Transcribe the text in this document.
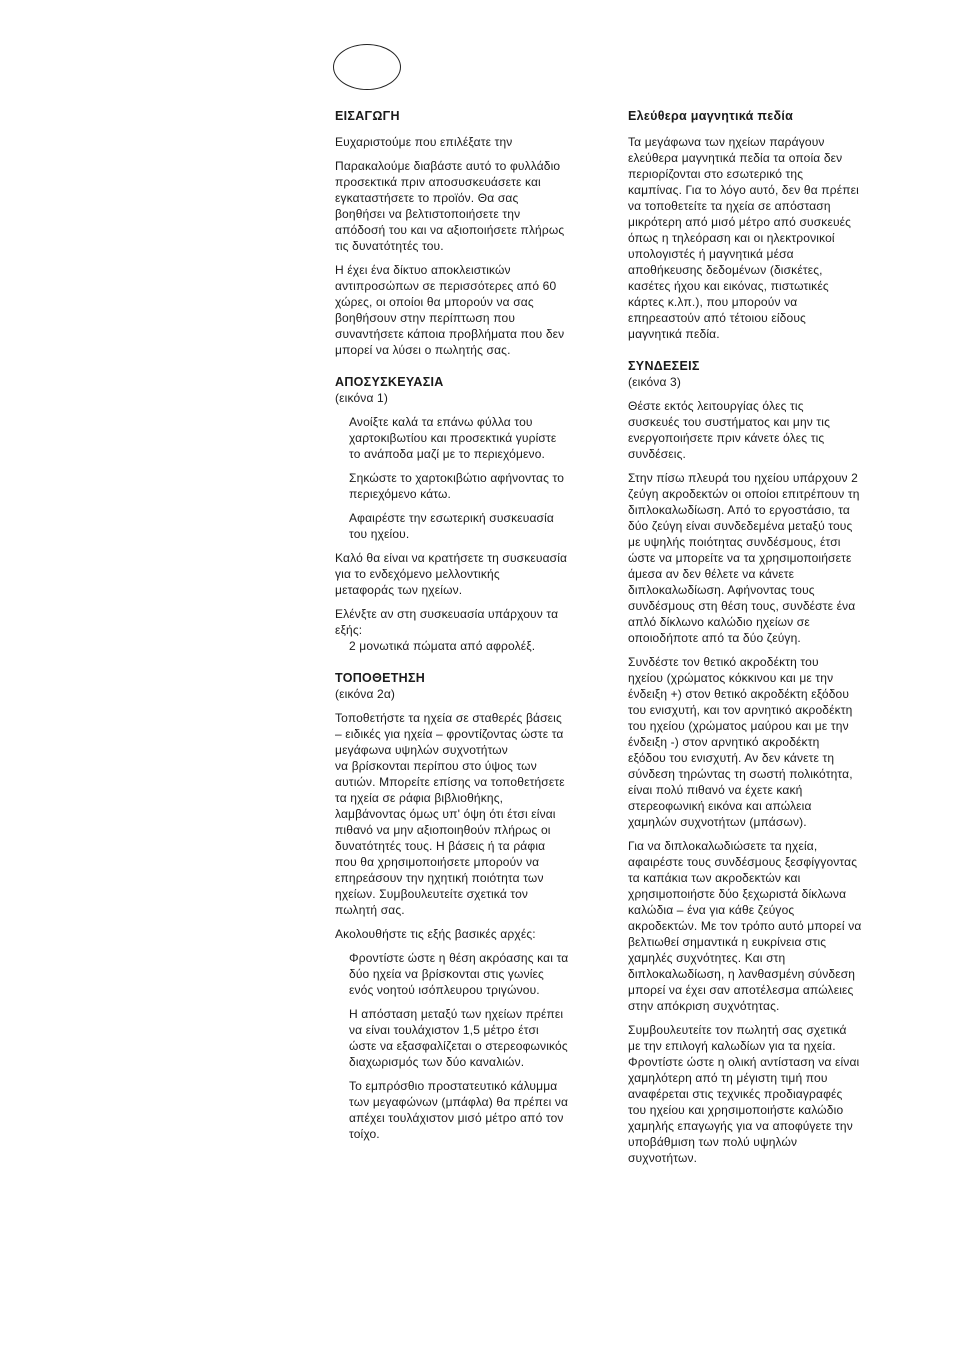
ΕΙΣΑΓΩΓΗ

Ευχαριστούμε που επιλέξατε την

Παρακαλούμε διαβάστε αυτό το φυλλάδιο
προσεκτικά πριν αποσυσκευάσετε και
εγκαταστήσετε το προϊόν. Θα σας
βοηθήσει να βελτιστοποιήσετε την
απόδοσή του και να αξιοποιήσετε πλήρως
τις δυνατότητές του.

Η έχει ένα δίκτυο αποκλειστικών
αντιπροσώπων σε περισσότερες από 60
χώρες, οι οποίοι θα μπορούν να σας
βοηθήσουν στην περίπτωση που
συναντήσετε κάποια προβλήματα που δεν
μπορεί να λύσει ο πωλητής σας.

ΑΠΟΣΥΣΚΕΥΑΣΙΑ
(εικόνα 1)

Ανοίξτε καλά τα επάνω φύλλα του
χαρτοκιβωτίου και προσεκτικά γυρίστε
το ανάποδα μαζί με το περιεχόμενο.

Σηκώστε το χαρτοκιβώτιο αφήνοντας το
περιεχόμενο κάτω.

Αφαιρέστε την εσωτερική συσκευασία
του ηχείου.

Καλό θα είναι να κρατήσετε τη συσκευασία
για το ενδεχόμενο μελλοντικής
μεταφοράς των ηχείων.

Ελένξτε αν στη συσκευασία υπάρχουν τα
εξής:

2 μονωτικά πώματα από αφρολέξ.

ΤΟΠΟΘΕΤΗΣΗ
(εικόνα 2α)

Τοποθετήστε τα ηχεία σε σταθερές βάσεις
– ειδικές για ηχεία – φροντίζοντας ώστε τα
μεγάφωνα υψηλών συχνοτήτων
να βρίσκονται περίπου στο ύψος των
αυτιών. Μπορείτε επίσης να τοποθετήσετε
τα ηχεία σε ράφια βιβλιοθήκης,
λαμβάνοντας όμως υπ' όψη ότι έτσι είναι
πιθανό να μην αξιοποιηθούν πλήρως οι
δυνατότητές τους. Η βάσεις ή τα ράφια
που θα χρησιμοποιήσετε μπορούν να
επηρεάσουν την ηχητική ποιότητα των
ηχείων. Συμβουλευτείτε σχετικά τον
πωλητή σας.

Ακολουθήστε τις εξής βασικές αρχές:

Φροντίστε ώστε η θέση ακρόασης και τα
δύο ηχεία να βρίσκονται στις γωνίες
ενός νοητού ισόπλευρου τριγώνου.

Η απόσταση μεταξύ των ηχείων πρέπει
να είναι τουλάχιστον 1,5 μέτρο έτσι
ώστε να εξασφαλίζεται ο στερεοφωνικός
διαχωρισμός των δύο καναλιών.

Το εμπρόσθιο προστατευτικό κάλυμμα
των μεγαφώνων (μπάφλα) θα πρέπει να
απέχει τουλάχιστον μισό μέτρο από τον
τοίχο.

Ελεύθερα μαγνητικά πεδία

Τα μεγάφωνα των ηχείων παράγουν
ελεύθερα μαγνητικά πεδία τα οποία δεν
περιορίζονται στο εσωτερικό της
καμπίνας. Για το λόγο αυτό, δεν θα πρέπει
να τοποθετείτε τα ηχεία σε απόσταση
μικρότερη από μισό μέτρο από συσκευές
όπως η τηλεόραση και οι ηλεκτρονικοί
υπολογιστές ή μαγνητικά μέσα
αποθήκευσης δεδομένων (δισκέτες,
κασέτες ήχου και εικόνας, πιστωτικές
κάρτες κ.λπ.), που μπορούν να
επηρεαστούν από τέτοιου είδους
μαγνητικά πεδία.

ΣΥΝΔΕΣΕΙΣ
(εικόνα 3)

Θέστε εκτός λειτουργίας όλες τις
συσκευές του συστήματος και μην τις
ενεργοποιήσετε πριν κάνετε όλες τις
συνδέσεις.

Στην πίσω πλευρά του ηχείου υπάρχουν 2
ζεύγη ακροδεκτών οι οποίοι επιτρέπουν τη
διπλοκαλωδίωση. Από το εργοστάσιο, τα
δύο ζεύγη είναι συνδεδεμένα μεταξύ τους
με υψηλής ποιότητας συνδέσμους, έτσι
ώστε να μπορείτε να τα χρησιμοποιήσετε
άμεσα αν δεν θέλετε να κάνετε
διπλοκαλωδίωση. Αφήνοντας τους
συνδέσμους στη θέση τους, συνδέστε ένα
απλό δίκλωνο καλώδιο ηχείων σε
οποιοδήποτε από τα δύο ζεύγη.

Συνδέστε τον θετικό ακροδέκτη του
ηχείου (χρώματος κόκκινου και με την
ένδειξη +) στον θετικό ακροδέκτη εξόδου
του ενισχυτή, και τον αρνητικό ακροδέκτη
του ηχείου (χρώματος μαύρου και με την
ένδειξη -) στον αρνητικό ακροδέκτη
εξόδου του ενισχυτή. Αν δεν κάνετε τη
σύνδεση τηρώντας τη σωστή πολικότητα,
είναι πολύ πιθανό να έχετε κακή
στερεοφωνική εικόνα και απώλεια
χαμηλών συχνοτήτων (μπάσων).

Για να διπλοκαλωδιώσετε τα ηχεία,
αφαιρέστε τους συνδέσμους ξεσφίγγοντας
τα καπάκια των ακροδεκτών και
χρησιμοποιήστε δύο ξεχωριστά δίκλωνα
καλώδια – ένα για κάθε ζεύγος
ακροδεκτών. Με τον τρόπο αυτό μπορεί να
βελτιωθεί σημαντικά η ευκρίνεια στις
χαμηλές συχνότητες. Και στη
διπλοκαλωδίωση, η λανθασμένη σύνδεση
μπορεί να έχει σαν αποτέλεσμα απώλειες
στην απόκριση συχνότητας.

Συμβουλευτείτε τον πωλητή σας σχετικά
με την επιλογή καλωδίων για τα ηχεία.
Φροντίστε ώστε η ολική αντίσταση να είναι
χαμηλότερη από τη μέγιστη τιμή που
αναφέρεται στις τεχνικές προδιαγραφές
του ηχείου και χρησιμοποιήστε καλώδιο
χαμηλής επαγωγής για να αποφύγετε την
υποβάθμιση των πολύ υψηλών
συχνοτήτων.
